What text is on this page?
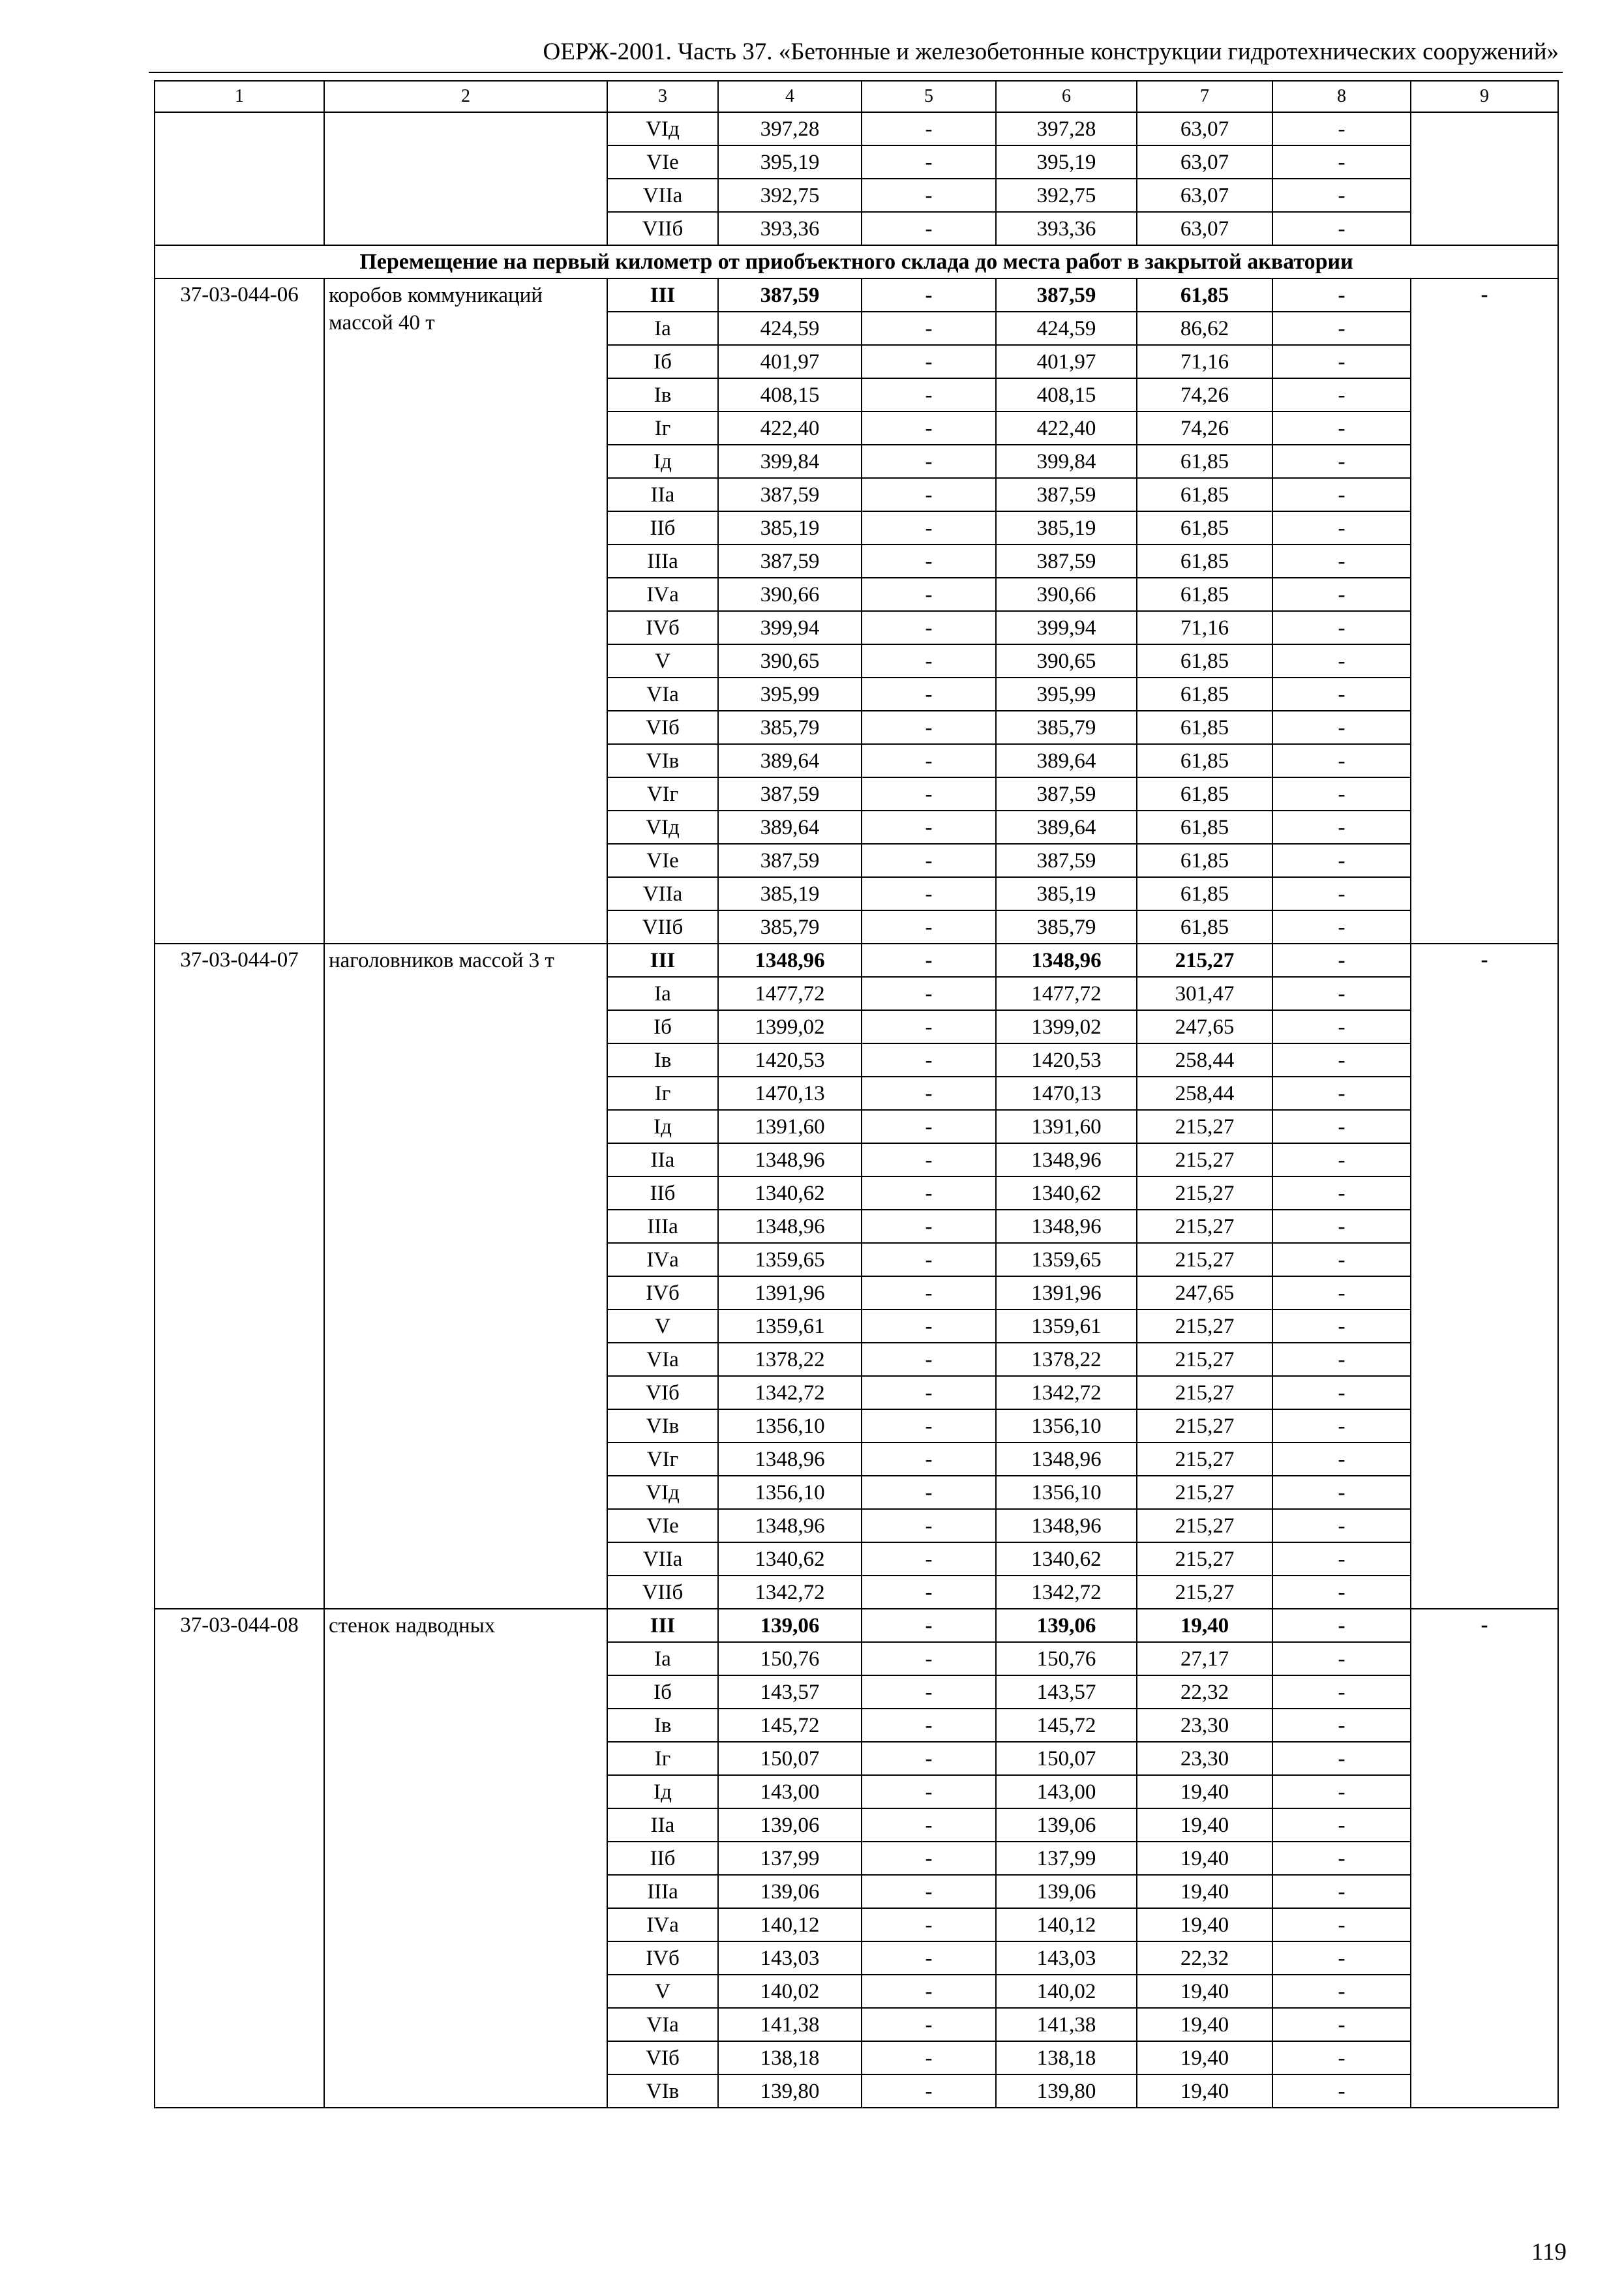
ОЕРЖ-2001. Часть 37. «Бетонные и железобетонные конструкции гидротехнических сооружений»
1	2	3	4	5	6	7	8	9
		VIд	397,28	-	397,28	63,07	-	
		VIе	395,19	-	395,19	63,07	-	
		VIIа	392,75	-	392,75	63,07	-	
		VIIб	393,36	-	393,36	63,07	-	
Перемещение на первый километр от приобъектного склада до места работ в закрытой акватории								
37-03-044-06	коробов коммуникаций массой 40 т	III	387,59	-	387,59	61,85	-	-
		Iа	424,59	-	424,59	86,62	-	
		Iб	401,97	-	401,97	71,16	-	
		Iв	408,15	-	408,15	74,26	-	
		Iг	422,40	-	422,40	74,26	-	
		Iд	399,84	-	399,84	61,85	-	
		IIа	387,59	-	387,59	61,85	-	
		IIб	385,19	-	385,19	61,85	-	
		IIIа	387,59	-	387,59	61,85	-	
		IVа	390,66	-	390,66	61,85	-	
		IVб	399,94	-	399,94	71,16	-	
		V	390,65	-	390,65	61,85	-	
		VIа	395,99	-	395,99	61,85	-	
		VIб	385,79	-	385,79	61,85	-	
		VIв	389,64	-	389,64	61,85	-	
		VIг	387,59	-	387,59	61,85	-	
		VIд	389,64	-	389,64	61,85	-	
		VIе	387,59	-	387,59	61,85	-	
		VIIа	385,19	-	385,19	61,85	-	
		VIIб	385,79	-	385,79	61,85	-	
37-03-044-07	наголовников массой 3 т	III	1348,96	-	1348,96	215,27	-	-
		Iа	1477,72	-	1477,72	301,47	-	
		Iб	1399,02	-	1399,02	247,65	-	
		Iв	1420,53	-	1420,53	258,44	-	
		Iг	1470,13	-	1470,13	258,44	-	
		Iд	1391,60	-	1391,60	215,27	-	
		IIа	1348,96	-	1348,96	215,27	-	
		IIб	1340,62	-	1340,62	215,27	-	
		IIIа	1348,96	-	1348,96	215,27	-	
		IVа	1359,65	-	1359,65	215,27	-	
		IVб	1391,96	-	1391,96	247,65	-	
		V	1359,61	-	1359,61	215,27	-	
		VIа	1378,22	-	1378,22	215,27	-	
		VIб	1342,72	-	1342,72	215,27	-	
		VIв	1356,10	-	1356,10	215,27	-	
		VIг	1348,96	-	1348,96	215,27	-	
		VIд	1356,10	-	1356,10	215,27	-	
		VIе	1348,96	-	1348,96	215,27	-	
		VIIа	1340,62	-	1340,62	215,27	-	
		VIIб	1342,72	-	1342,72	215,27	-	
37-03-044-08	стенок надводных	III	139,06	-	139,06	19,40	-	-
		Iа	150,76	-	150,76	27,17	-	
		Iб	143,57	-	143,57	22,32	-	
		Iв	145,72	-	145,72	23,30	-	
		Iг	150,07	-	150,07	23,30	-	
		Iд	143,00	-	143,00	19,40	-	
		IIа	139,06	-	139,06	19,40	-	
		IIб	137,99	-	137,99	19,40	-	
		IIIа	139,06	-	139,06	19,40	-	
		IVа	140,12	-	140,12	19,40	-	
		IVб	143,03	-	143,03	22,32	-	
		V	140,02	-	140,02	19,40	-	
		VIа	141,38	-	141,38	19,40	-	
		VIб	138,18	-	138,18	19,40	-	
		VIв	139,80	-	139,80	19,40	-	
119
